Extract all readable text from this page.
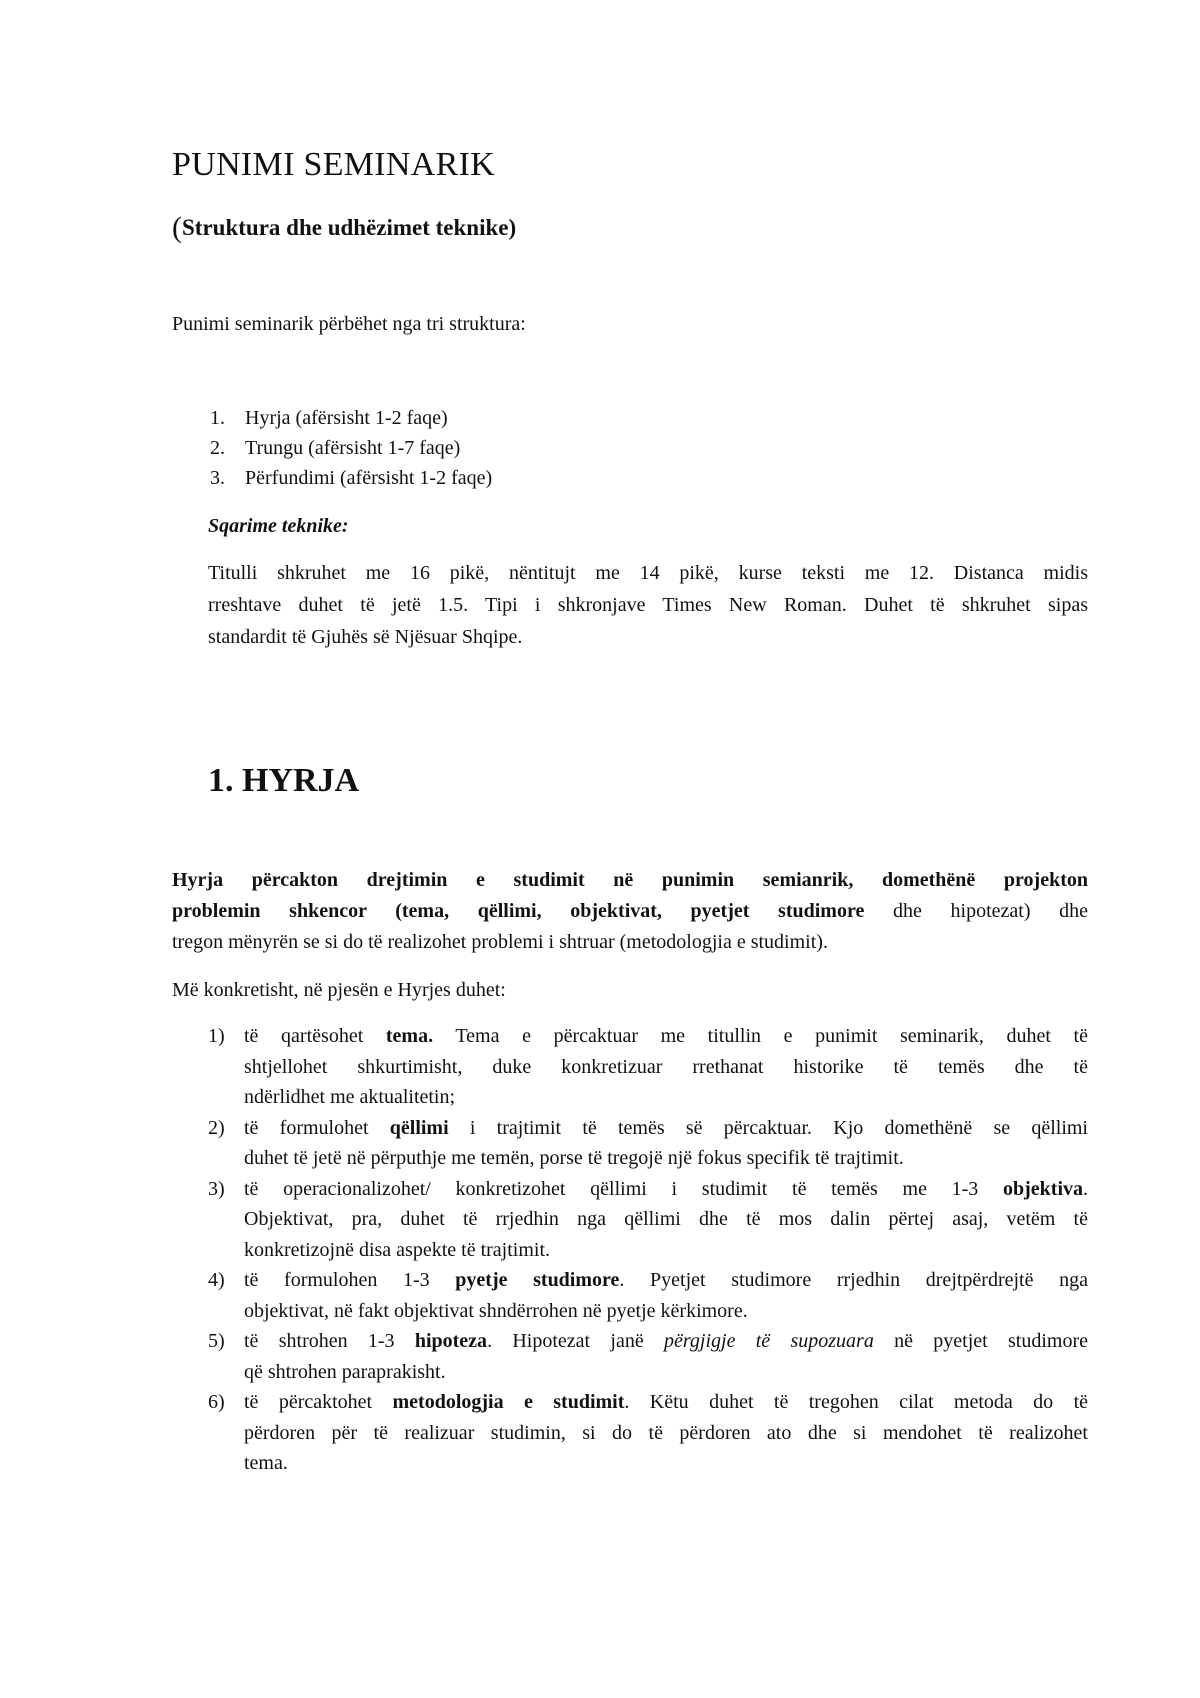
PUNIMI SEMINARIK
(Struktura dhe udhëzimet teknike)
Punimi seminarik përbëhet nga tri struktura:
1. Hyrja (afërsisht 1-2 faqe)
2. Trungu (afërsisht 1-7 faqe)
3. Përfundimi (afërsisht 1-2 faqe)
Sqarime teknike:
Titulli shkruhet me 16 pikë, nëntitujt me 14 pikë, kurse teksti me 12. Distanca midis
rreshtave duhet të jetë 1.5. Tipi i shkronjave Times New Roman. Duhet të shkruhet sipas
standardit të Gjuhës së Njësuar Shqipe.
1. HYRJA
Hyrja përcakton drejtimin e studimit në punimin semianrik, domethënë projekton
problemin shkencor (tema, qëllimi, objektivat, pyetjet studimore dhe hipotezat) dhe
tregon mënyrën se si do të realizohet problemi i shtruar (metodologjia e studimit).
Më konkretisht, në pjesën e Hyrjes duhet:
1) të qartësohet tema. Tema e përcaktuar me titullin e punimit seminarik, duhet të
shtjellohet shkurtimisht, duke konkretizuar rrethanat historike të temës dhe të
ndërlidhet me aktualitetin;
2) të formulohet qëllimi i trajtimit të temës së përcaktuar. Kjo domethënë se qëllimi
duhet të jetë në përputhje me temën, porse të tregojë një fokus specifik të trajtimit.
3) të operacionalizohet/ konkretizohet qëllimi i studimit të temës me 1-3 objektiva.
Objektivat, pra, duhet të rrjedhin nga qëllimi dhe të mos dalin përtej asaj, vetëm të
konkretizojnë disa aspekte të trajtimit.
4) të formulohen 1-3 pyetje studimore. Pyetjet studimore rrjedhin drejtpërdrejtë nga
objektivat, në fakt objektivat shndërrohen në pyetje kërkimore.
5) të shtrohen 1-3 hipoteza. Hipotezat janë përgjigje të supozuara në pyetjet studimore
që shtrohen paraprakisht.
6) të përcaktohet metodologjia e studimit. Këtu duhet të tregohen cilat metoda do të
përdoren për të realizuar studimin, si do të përdoren ato dhe si mendohet të realizohet
tema.
